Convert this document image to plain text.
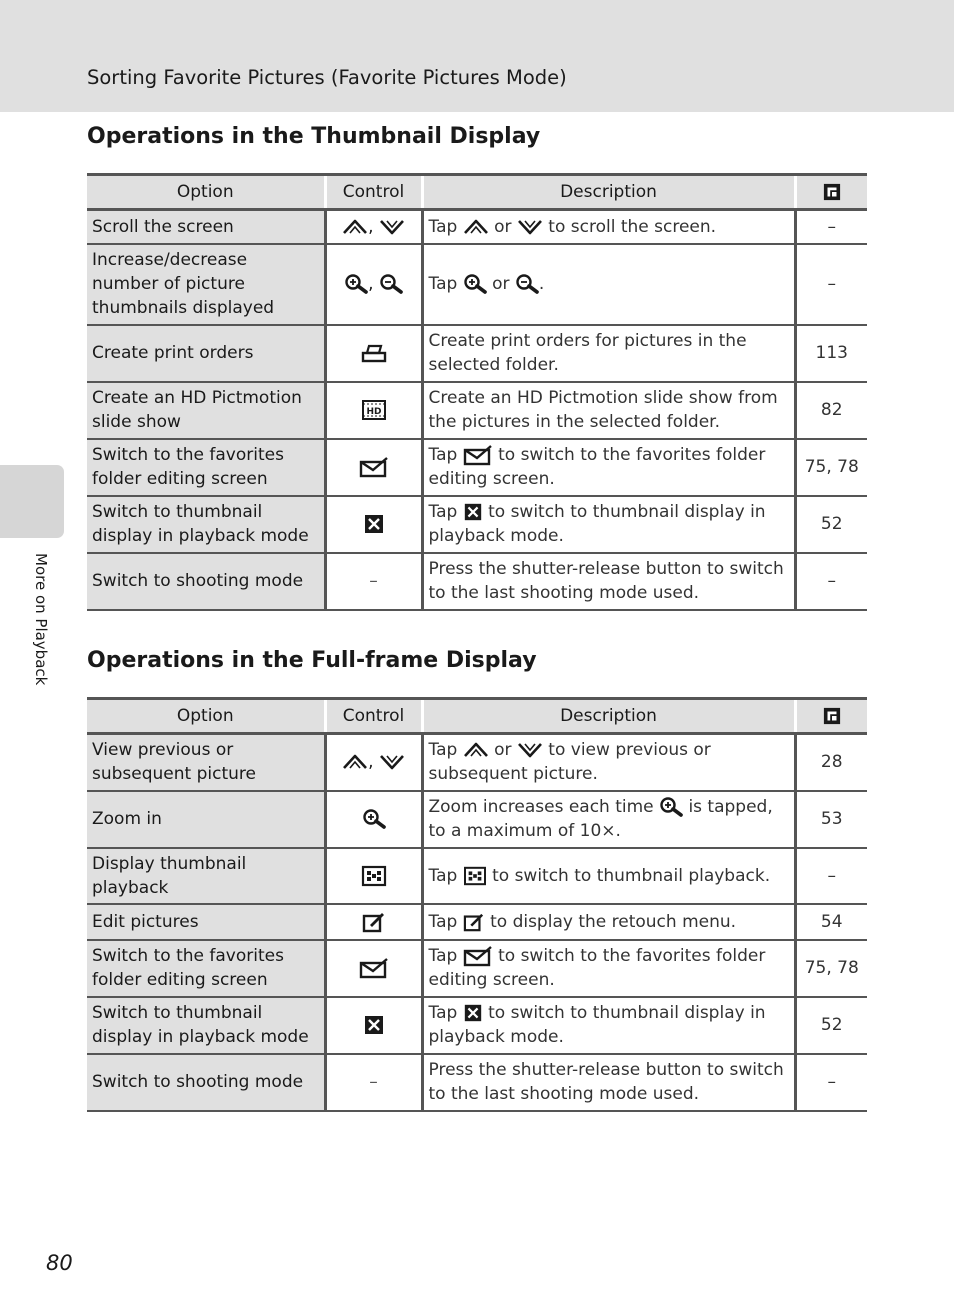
Sorting Favorite Pictures (Favorite Pictures Mode)
More on Playback
Operations in the Thumbnail Display
Option	Control	Description	

Scroll the screen	,	Tap or to scroll the screen.	–
Increase/decrease number of picture thumbnails displayed	,	Tap or .	–
Create print orders		Create print orders for pictures in the selected folder.	113
Create an HD Pictmotion slide show		Create an HD Pictmotion slide show from the pictures in the selected folder.	82
Switch to the favorites folder editing screen		Tap to switch to the favorites folder editing screen.	75, 78
Switch to thumbnail display in playback mode		Tap to switch to thumbnail display in playback mode.	52
Switch to shooting mode	–	Press the shutter-release button to switch to the last shooting mode used.	–
Operations in the Full-frame Display
Option	Control	Description	

View previous or subsequent picture	,	Tap or to view previous or subsequent picture.	28
Zoom in		Zoom increases each time is tapped, to a maximum of 10×.	53
Display thumbnail playback		Tap to switch to thumbnail playback.	–
Edit pictures		Tap to display the retouch menu.	54
Switch to the favorites folder editing screen		Tap to switch to the favorites folder editing screen.	75, 78
Switch to thumbnail display in playback mode		Tap to switch to thumbnail display in playback mode.	52
Switch to shooting mode	–	Press the shutter-release button to switch to the last shooting mode used.	–
80
